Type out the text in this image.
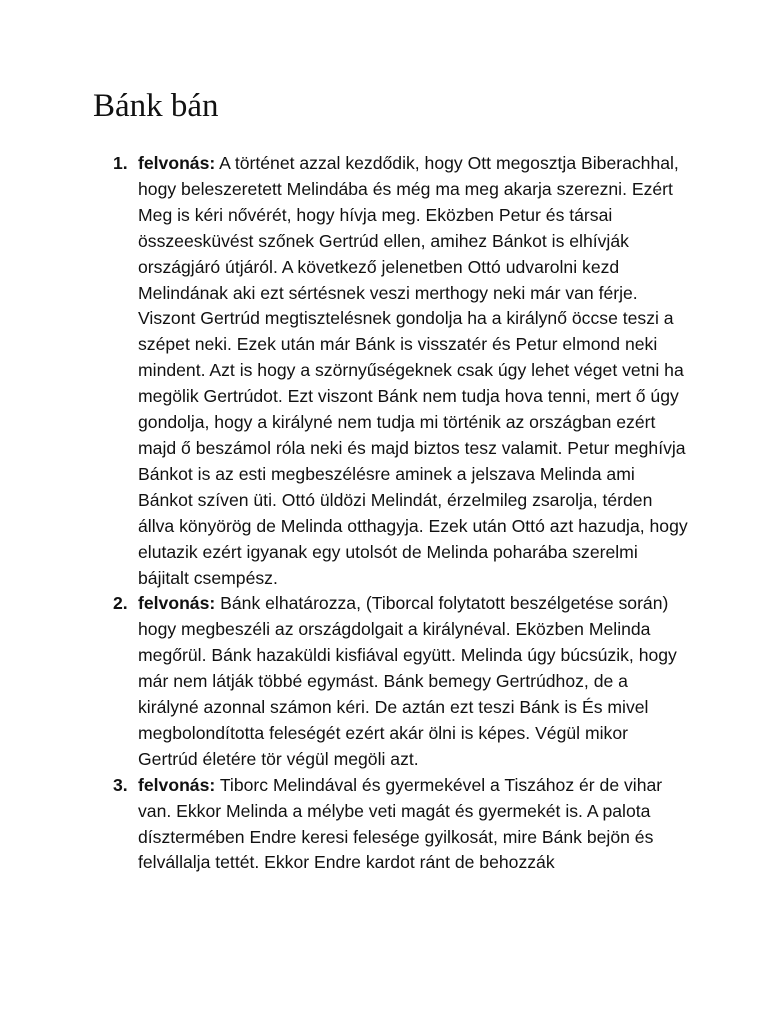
Bánk bán
1. felvonás: A történet azzal kezdődik, hogy Ott megosztja Biberachhal, hogy beleszeretett Melindába és még ma meg akarja szerezni. Ezért Meg is kéri nővérét, hogy hívja meg. Eközben Petur és társai összeesküvést szőnek Gertrúd ellen, amihez Bánkot is elhívják országjáró útjáról. A következő jelenetben Ottó udvarolni kezd Melindának aki ezt sértésnek veszi merthogy neki már van férje. Viszont Gertrúd megtisztelésnek gondolja ha a királynő öccse teszi a szépet neki. Ezek után már Bánk is visszatér és Petur elmond neki mindent. Azt is hogy a szörnyűségeknek csak úgy lehet véget vetni ha megölik Gertrúdot. Ezt viszont Bánk nem tudja hova tenni, mert ő úgy gondolja, hogy a királyné nem tudja mi történik az országban ezért majd ő beszámol róla neki és majd biztos tesz valamit. Petur meghívja Bánkot is az esti megbeszélésre aminek a jelszava Melinda ami Bánkot szíven üti. Ottó üldözi Melindát, érzelmileg zsarolja, térden állva könyörög de Melinda otthagyja. Ezek után Ottó azt hazudja, hogy elutazik ezért igyanak egy utolsót de Melinda poharába szerelmi bájitalt csempész.
2. felvonás: Bánk elhatározza, (Tiborcal folytatott beszélgetése során) hogy megbeszéli az országdolgait a királynéval. Eközben Melinda megőrül. Bánk hazaküldi kisfiával együtt. Melinda úgy búcsúzik, hogy már nem látják többé egymást. Bánk bemegy Gertrúdhoz, de a királyné azonnal számon kéri. De aztán ezt teszi Bánk is És mivel megbolondította feleségét ezért akár ölni is képes. Végül mikor Gertrúd életére tör végül megöli azt.
3. felvonás: Tiborc Melindával és gyermekével a Tiszához ér de vihar van. Ekkor Melinda a mélybe veti magát és gyermekét is. A palota dísztermében Endre keresi felesége gyilkosát, mire Bánk bejön és felvállalja tettét. Ekkor Endre kardot ránt de behozzák
